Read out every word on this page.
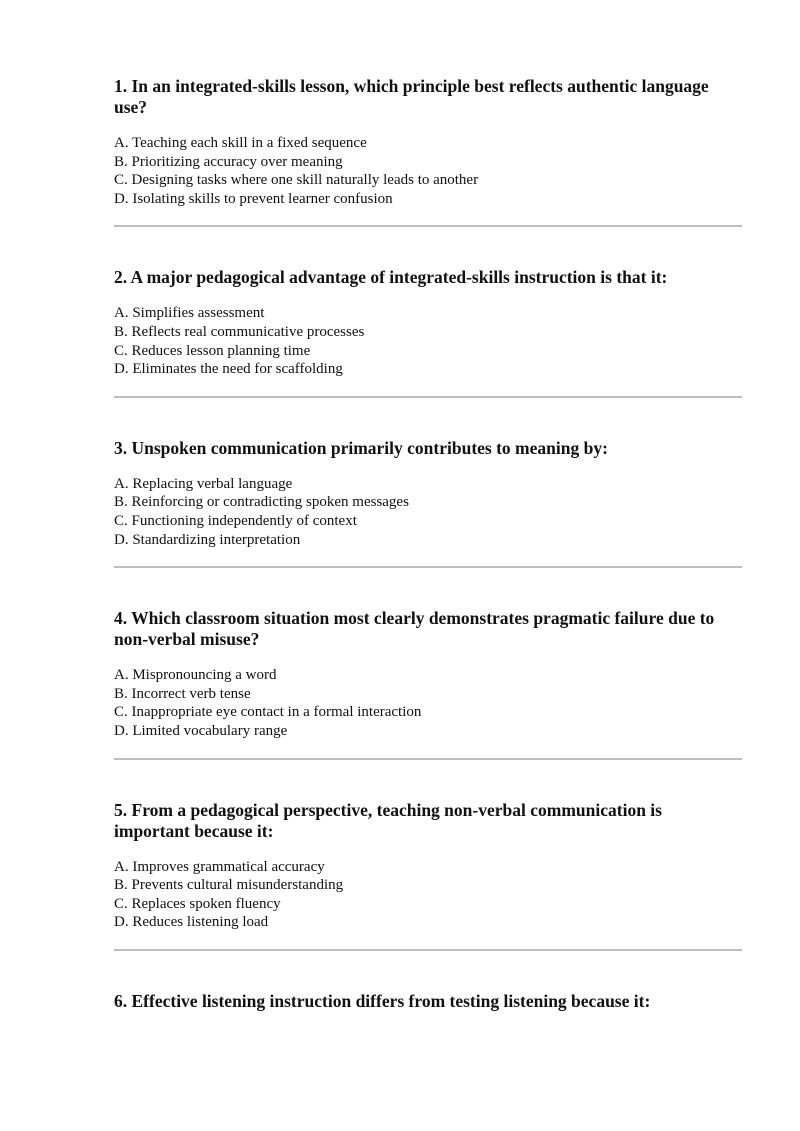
1. In an integrated-skills lesson, which principle best reflects authentic language use?

A. Teaching each skill in a fixed sequence

B. Prioritizing accuracy over meaning

C. Designing tasks where one skill naturally leads to another

D. Isolating skills to prevent learner confusion

2. A major pedagogical advantage of integrated-skills instruction is that it:

A. Simplifies assessment

B. Reflects real communicative processes

C. Reduces lesson planning time

D. Eliminates the need for scaffolding

3. Unspoken communication primarily contributes to meaning by:

A. Replacing verbal language

B. Reinforcing or contradicting spoken messages

C. Functioning independently of context

D. Standardizing interpretation

4. Which classroom situation most clearly demonstrates pragmatic failure due to non-verbal misuse?

A. Mispronouncing a word

B. Incorrect verb tense

C. Inappropriate eye contact in a formal interaction

D. Limited vocabulary range

5. From a pedagogical perspective, teaching non-verbal communication is important because it:

A. Improves grammatical accuracy

B. Prevents cultural misunderstanding

C. Replaces spoken fluency

D. Reduces listening load

6. Effective listening instruction differs from testing listening because it:
